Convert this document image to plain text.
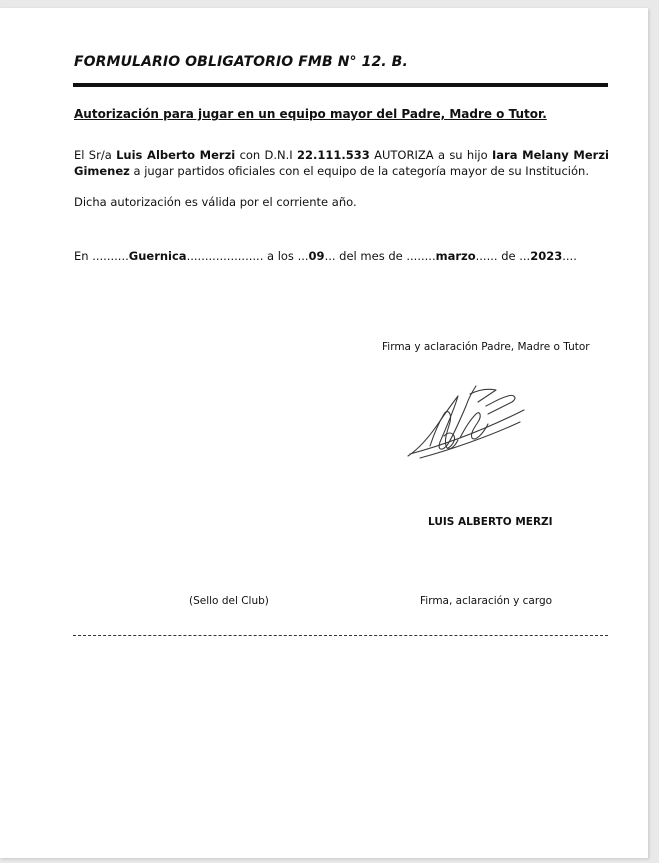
FORMULARIO OBLIGATORIO FMB N° 12. B.
Autorización para jugar en un equipo mayor del Padre, Madre o Tutor.
El Sr/a Luis Alberto Merzi con D.N.I 22.111.533 AUTORIZA a su hijo Iara Melany Merzi Gimenez a jugar partidos oficiales con el equipo de la categoría mayor de su Institución.
Dicha autorización es válida por el corriente año.
En ..........Guernica..................... a los ...09... del mes de ........marzo...... de ...2023....
Firma y aclaración Padre, Madre o Tutor
LUIS ALBERTO MERZI
(Sello del Club)	Firma, aclaración y cargo
